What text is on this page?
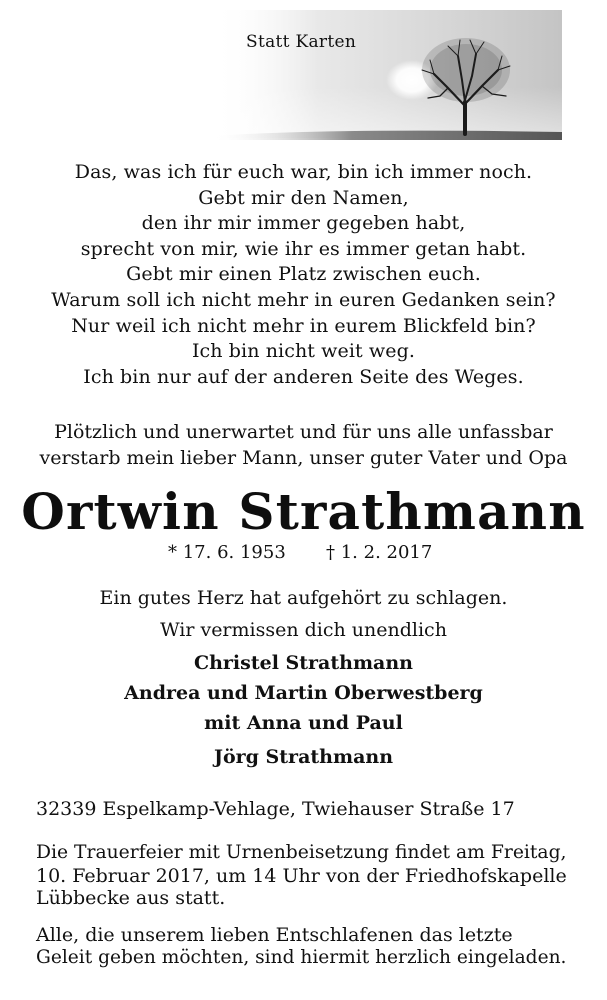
Statt Karten
Das, was ich für euch war, bin ich immer noch.
Gebt mir den Namen,
den ihr mir immer gegeben habt,
sprecht von mir, wie ihr es immer getan habt.
Gebt mir einen Platz zwischen euch.
Warum soll ich nicht mehr in euren Gedanken sein?
Nur weil ich nicht mehr in eurem Blickfeld bin?
Ich bin nicht weit weg.
Ich bin nur auf der anderen Seite des Weges.
Plötzlich und unerwartet und für uns alle unfassbar
verstarb mein lieber Mann, unser guter Vater und Opa
Ortwin Strathmann
* 17. 6. 1953 † 1. 2. 2017
Ein gutes Herz hat aufgehört zu schlagen.
Wir vermissen dich unendlich
Christel Strathmann
Andrea und Martin Oberwestberg
mit Anna und Paul
Jörg Strathmann
32339 Espelkamp-Vehlage, Twiehauser Straße 17
Die Trauerfeier mit Urnenbeisetzung findet am Freitag,
10. Februar 2017, um 14 Uhr von der Friedhofskapelle
Lübbecke aus statt.
Alle, die unserem lieben Entschlafenen das letzte
Geleit geben möchten, sind hiermit herzlich eingeladen.
